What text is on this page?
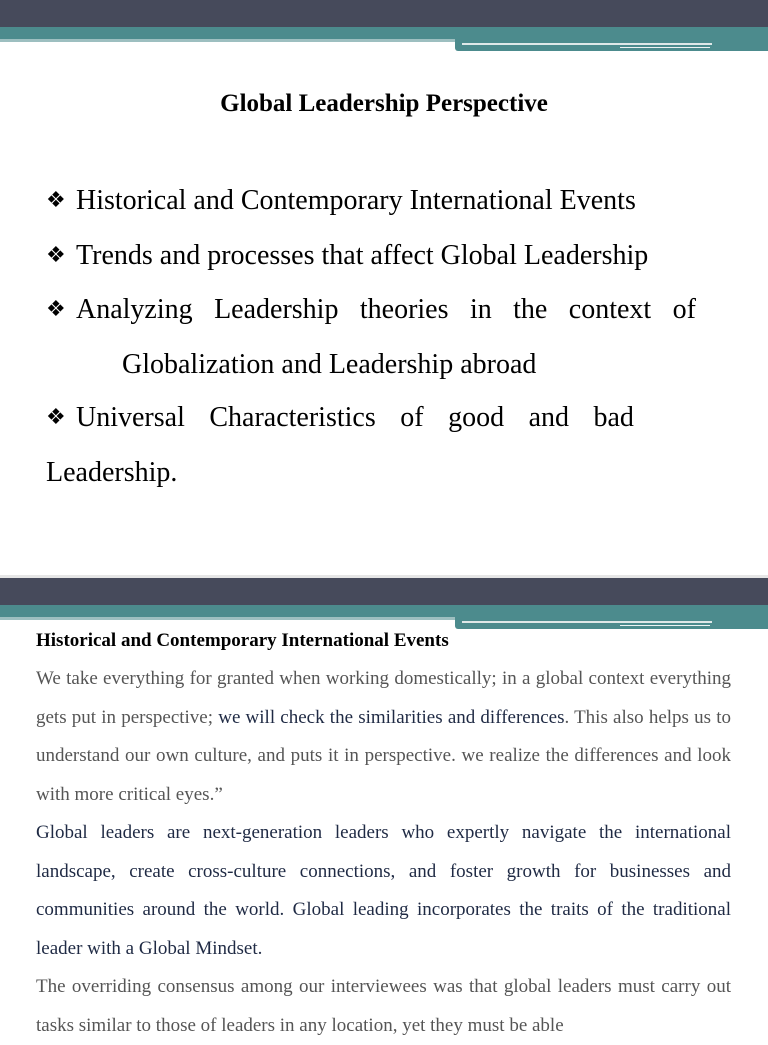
Global Leadership Perspective
❖ Historical and Contemporary International Events
❖ Trends and processes that affect Global Leadership
❖ Analyzing Leadership theories in the context of
Globalization and Leadership abroad
❖ Universal Characteristics of good and bad
Leadership.
Historical and Contemporary International Events
We take everything for granted when working domestically; in a global context everything gets put in perspective; we will check the similarities and differences. This also helps us to understand our own culture, and puts it in perspective. we realize the differences and look with more critical eyes.”
Global leaders are next-generation leaders who expertly navigate the international landscape, create cross-culture connections, and foster growth for businesses and communities around the world. Global leading incorporates the traits of the traditional leader with a Global Mindset.
The overriding consensus among our interviewees was that global leaders must carry out tasks similar to those of leaders in any location, yet they must be able
